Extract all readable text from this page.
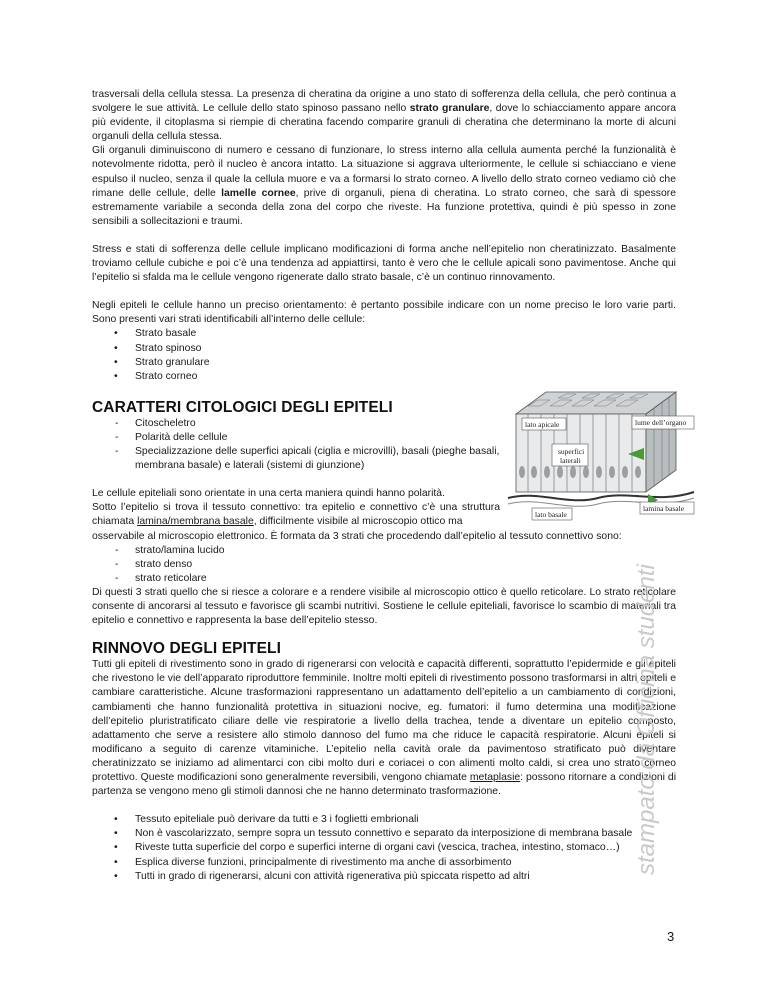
trasversali della cellula stessa. La presenza di cheratina da origine a uno stato di sofferenza della cellula, che però continua a svolgere le sue attività. Le cellule dello stato spinoso passano nello strato granulare, dove lo schiacciamento appare ancora più evidente, il citoplasma si riempie di cheratina facendo comparire granuli di cheratina che determinano la morte di alcuni organuli della cellula stessa.

Gli organuli diminuiscono di numero e cessano di funzionare, lo stress interno alla cellula aumenta perché la funzionalità è notevolmente ridotta, però il nucleo è ancora intatto. La situazione si aggrava ulteriormente, le cellule si schiacciano e viene espulso il nucleo, senza il quale la cellula muore e va a formarsi lo strato corneo. A livello dello strato corneo vediamo ciò che rimane delle cellule, delle lamelle cornee, prive di organuli, piena di cheratina. Lo strato corneo, che sarà di spessore estremamente variabile a seconda della zona del corpo che riveste. Ha funzione protettiva, quindi è più spesso in zone sensibili a sollecitazioni e traumi.

Stress e stati di sofferenza delle cellule implicano modificazioni di forma anche nell’epitelio non cheratinizzato. Basalmente troviamo cellule cubiche e poi c’è una tendenza ad appiattirsi, tanto è vero che le cellule apicali sono pavimentose. Anche qui l’epitelio si sfalda ma le cellule vengono rigenerate dallo strato basale, c’è un continuo rinnovamento.

Negli epiteli le cellule hanno un preciso orientamento: è pertanto possibile indicare con un nome preciso le loro varie parti. Sono presenti vari strati identificabili all’interno delle cellule:

• Strato basale
• Strato spinoso
• Strato granulare
• Strato corneo
CARATTERI CITOLOGICI DEGLI EPITELI
- Citoscheletro
- Polarità delle cellule
- Specializzazione delle superfici apicali (ciglia e microvilli), basali (pieghe basali, membrana basale) e laterali (sistemi di giunzione)

Le cellule epiteliali sono orientate in una certa maniera quindi hanno polarità.

Sotto l’epitelio si trova il tessuto connettivo: tra epitelio e connettivo c’è una struttura chiamata lamina/membrana basale, difficilmente visibile al microscopio ottico ma

osservabile al microscopio elettronico. È formata da 3 strati che procedendo dall’epitelio al tessuto connettivo sono:

- strato/lamina lucido
- strato denso
- strato reticolare

Di questi 3 strati quello che si riesce a colorare e a rendere visibile al microscopio ottico è quello reticolare. Lo strato reticolare consente di ancorarsi al tessuto e favorisce gli scambi nutritivi. Sostiene le cellule epiteliali, favorisce lo scambio di materiali tra epitelio e connettivo e rappresenta la base dell’epitelio stesso.

RINNOVO DEGLI EPITELI

Tutti gli epiteli di rivestimento sono in grado di rigenerarsi con velocità e capacità differenti, soprattutto l’epidermide e gli epiteli che rivestono le vie dell’apparato riproduttore femminile. Inoltre molti epiteli di rivestimento possono trasformarsi in altri epiteli e cambiare caratteristiche. Alcune trasformazioni rappresentano un adattamento dell’epitelio a un cambiamento di condizioni, cambiamenti che hanno funzionalità protettiva in situazioni nocive, eg. fumatori: il fumo determina una modificazione dell’epitelio pluristratificato ciliare delle vie respiratorie a livello della trachea, tende a diventare un epitelio composto, adattamento che serve a resistere allo stimolo dannoso del fumo ma che riduce le capacità respiratorie. Alcuni epiteli si modificano a seguito di carenze vitaminiche. L’epitelio nella cavità orale da pavimentoso stratificato può diventare cheratinizzato se iniziamo ad alimentarci con cibi molto duri e coriacei o con alimenti molto caldi, si crea uno strato corneo protettivo. Queste modificazioni sono generalmente reversibili, vengono chiamate metaplasie: possono ritornare a condizioni di partenza se vengono meno gli stimoli dannosi che ne hanno determinato trasformazione.

• Tessuto epiteliale può derivare da tutti e 3 i foglietti embrionali
• Non è vascolarizzato, sempre sopra un tessuto connettivo e separato da interposizione di membrana basale
• Riveste tutta superficie del corpo e superfici interne di organi cavi (vescica, trachea, intestino, stomaco…)
• Esplica diverse funzioni, principalmente di rivestimento ma anche di assorbimento
• Tutti in grado di rigenerarsi, alcuni con attività rigenerativa più spiccata rispetto ad altri
lato apicale	lume dell’organo
superfici
laterali
lato basale
lamina basale
stampato da Officina studenti
3
